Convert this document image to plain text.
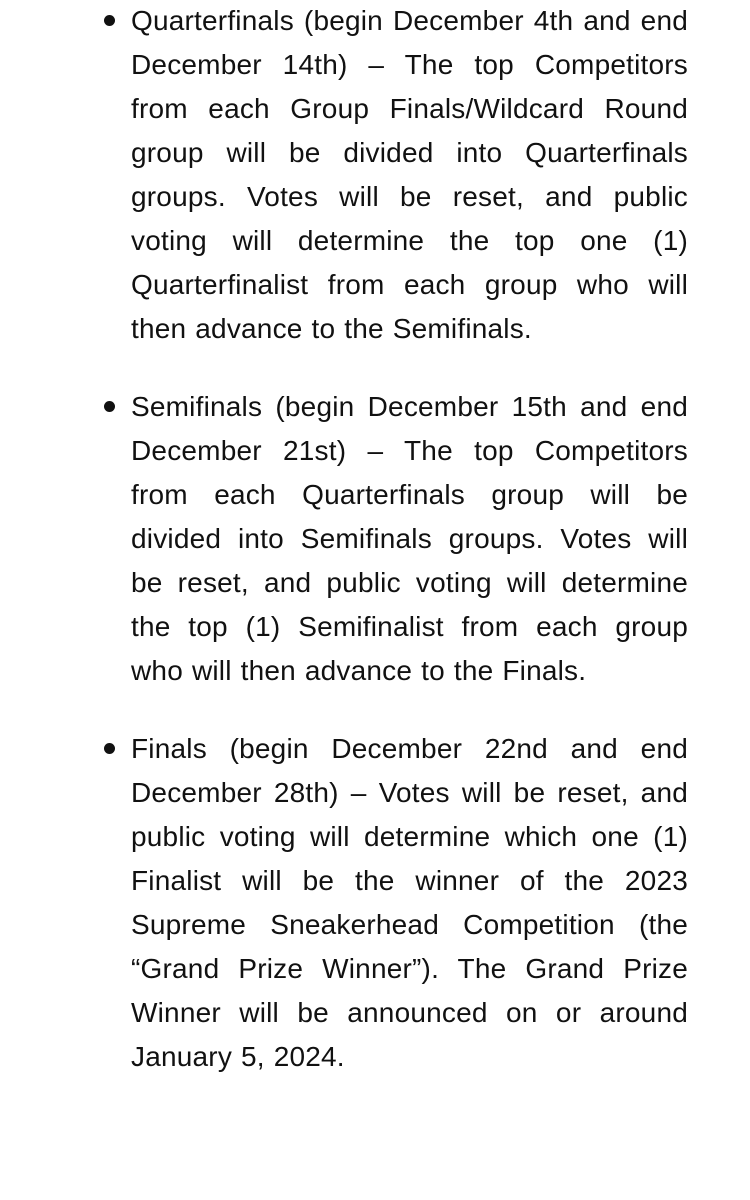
Quarterfinals (begin December 4th and end December 14th) – The top Competitors from each Group Finals/Wildcard Round group will be divided into Quarterfinals groups. Votes will be reset, and public voting will determine the top one (1) Quarterfinalist from each group who will then advance to the Semifinals.
Semifinals (begin December 15th and end December 21st) – The top Competitors from each Quarterfinals group will be divided into Semifinals groups. Votes will be reset, and public voting will determine the top (1) Semifinalist from each group who will then advance to the Finals.
Finals (begin December 22nd and end December 28th) – Votes will be reset, and public voting will determine which one (1) Finalist will be the winner of the 2023 Supreme Sneakerhead Competition (the “Grand Prize Winner”). The Grand Prize Winner will be announced on or around January 5, 2024.
